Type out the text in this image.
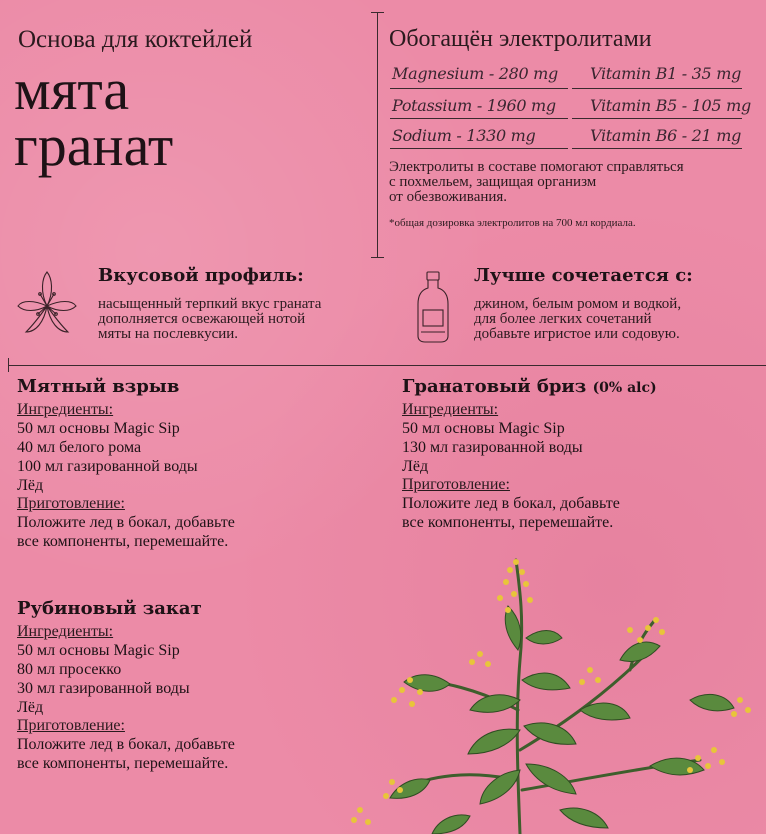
Основа для коктейлей
мята
гранат
Обогащён электролитами
Magnesium - 280 mg Vitamin B1 - 35 mg
Potassium - 1960 mg Vitamin B5 - 105 mg
Sodium - 1330 mg	Vitamin B6 - 21 mg
Электролиты в составе помогают справляться
с похмельем, защищая организм
от обезвоживания.
*общая дозировка электролитов на 700 мл кордиала.
Вкусовой профиль:
насыщенный терпкий вкус граната
дополняется освежающей нотой
мяты на послевкусии.
Лучше сочетается с:
джином, белым ромом и водкой,
для более легких сочетаний
добавьте игристое или содовую.
Мятный взрыв
Ингредиенты:
50 мл основы Magic Sip
40 мл белого рома
100 мл газированной воды
Лёд
Приготовление:
Положите лед в бокал, добавьте
все компоненты, перемешайте.
Гранатовый бриз (0% alc)
Ингредиенты:
50 мл основы Magic Sip
130 мл газированной воды
Лёд
Приготовление:
Положите лед в бокал, добавьте
все компоненты, перемешайте.
Рубиновый закат
Ингредиенты:
50 мл основы Magic Sip
80 мл просекко
30 мл газированной воды
Лёд
Приготовление:
Положите лед в бокал, добавьте
все компоненты, перемешайте.
